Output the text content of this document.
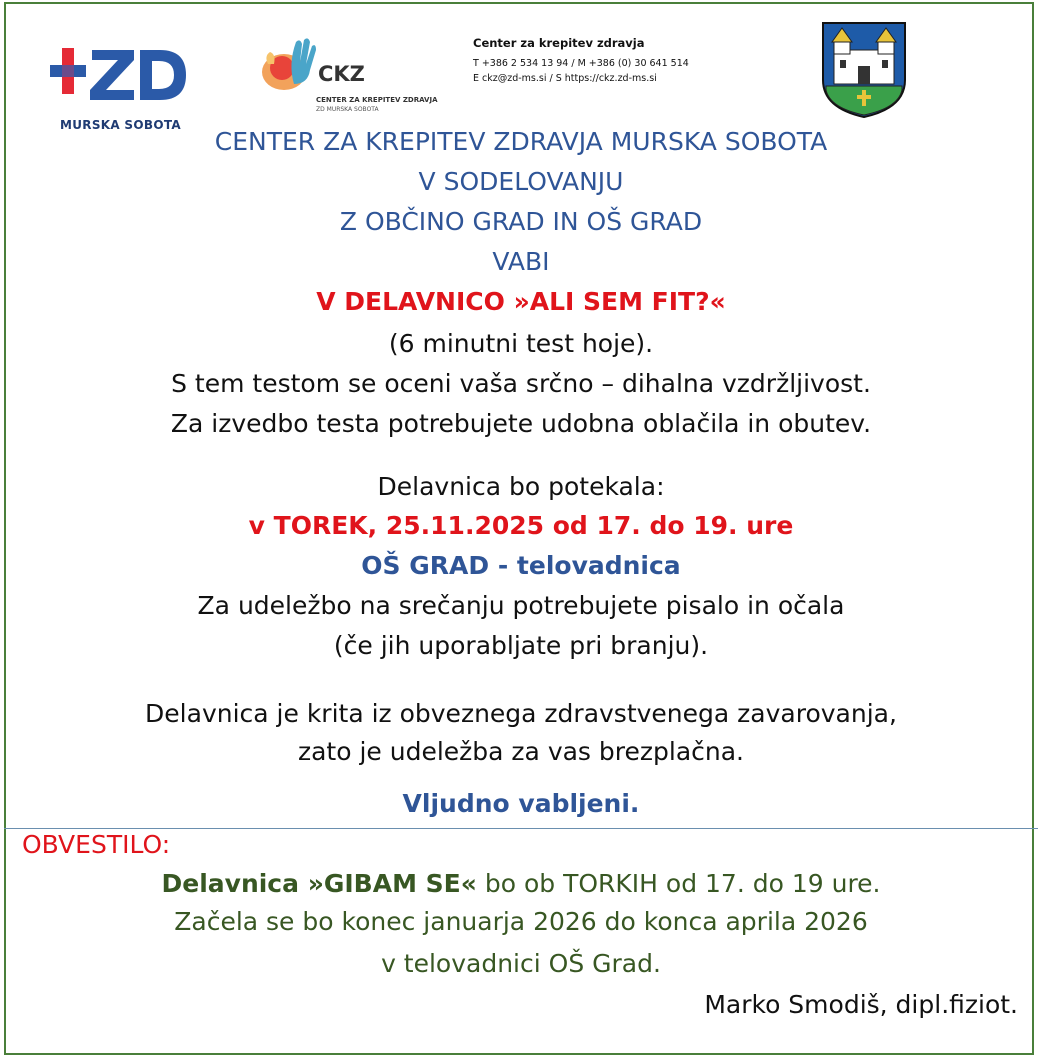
MURSKA SOBOTA
CKZ
CENTER ZA KREPITEV ZDRAVJA
ZD MURSKA SOBOTA
Center za krepitev zdravja
T +386 2 534 13 94 / M +386 (0) 30 641 514
E ckz@zd-ms.si / S https://ckz.zd-ms.si
CENTER ZA KREPITEV ZDRAVJA MURSKA SOBOTA
V SODELOVANJU
Z OBČINO GRAD IN OŠ GRAD
VABI
V DELAVNICO »ALI SEM FIT?«
(6 minutni test hoje).
S tem testom se oceni vaša srčno – dihalna vzdržljivost.
Za izvedbo testa potrebujete udobna oblačila in obutev.
Delavnica bo potekala:
v TOREK, 25.11.2025 od 17. do 19. ure
OŠ GRAD - telovadnica
Za udeležbo na srečanju potrebujete pisalo in očala
(če jih uporabljate pri branju).
Delavnica je krita iz obveznega zdravstvenega zavarovanja,
zato je udeležba za vas brezplačna.
Vljudno vabljeni.
OBVESTILO:
Delavnica »GIBAM SE« bo ob TORKIH od 17. do 19 ure.
Začela se bo konec januarja 2026 do konca aprila 2026
v telovadnici OŠ Grad.
Marko Smodiš, dipl.fiziot.
